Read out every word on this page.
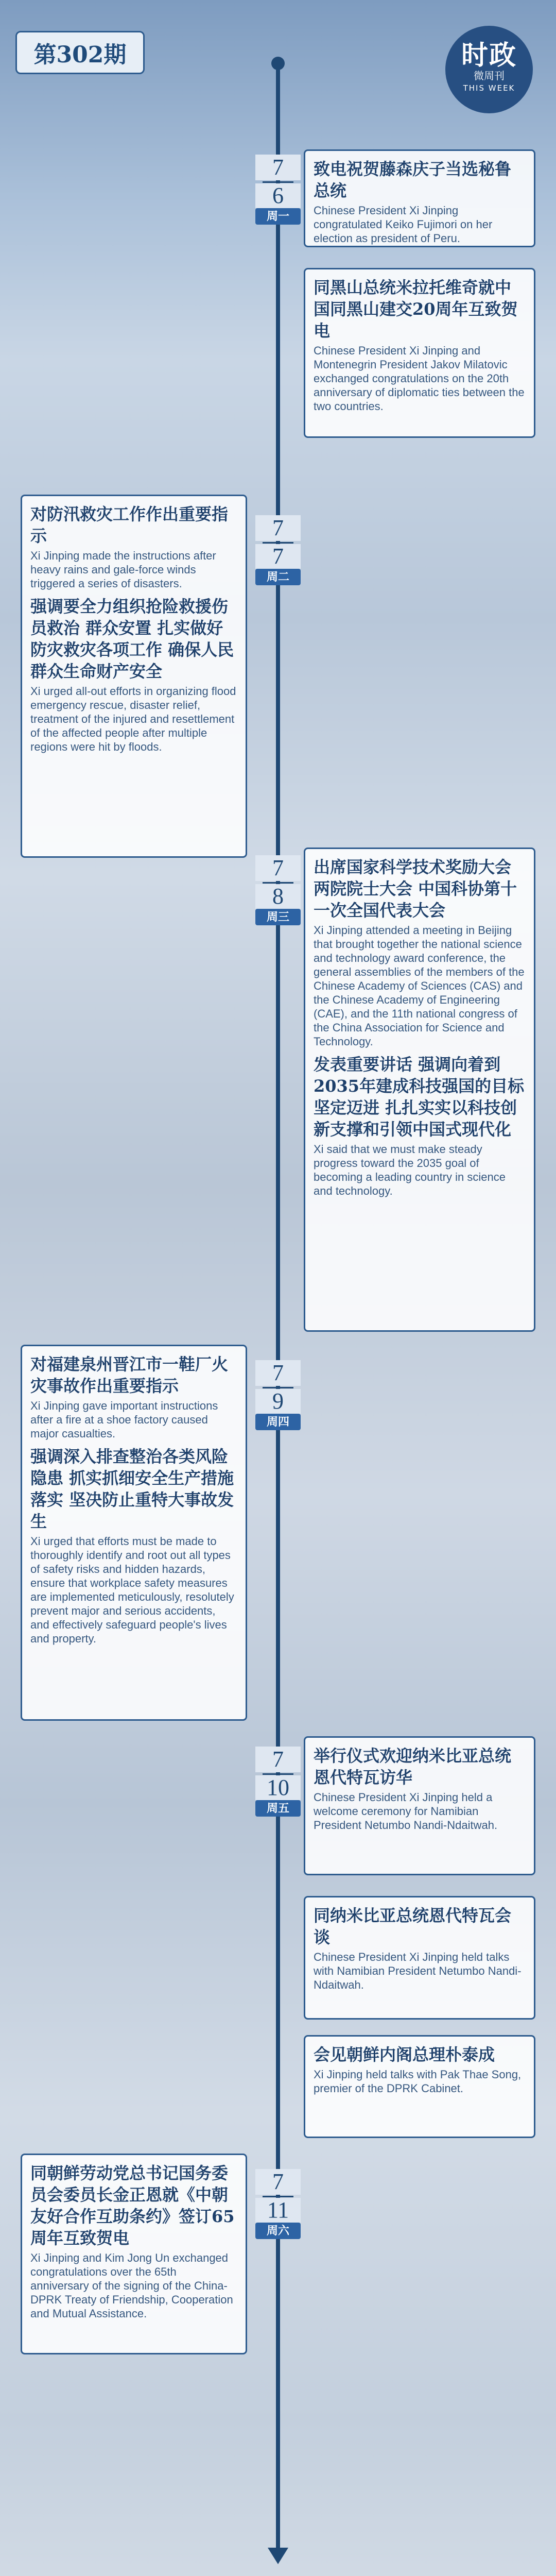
第302期	时政
微周刊
THIS WEEK
7
6
周一
7
7
周二
7
8
周三
7
9
周四
7
10
周五
7
11
周六

致电祝贺藤森庆子当选秘鲁总统

Chinese President Xi Jinping congratulated Keiko Fujimori on her election as president of Peru.

同黑山总统米拉托维奇就中国同黑山建交20周年互致贺电

Chinese President Xi Jinping and Montenegrin President Jakov Milatovic exchanged congratulations on the 20th anniversary of diplomatic ties between the two countries.

对防汛救灾工作作出重要指示

Xi Jinping made the instructions after heavy rains and gale-force winds triggered a series of disasters.

强调要全力组织抢险救援伤员救治 群众安置 扎实做好防灾救灾各项工作 确保人民群众生命财产安全

Xi urged all-out efforts in organizing flood emergency rescue, disaster relief, treatment of the injured and resettlement of the affected people after multiple regions were hit by floods.

出席国家科学技术奖励大会 两院院士大会 中国科协第十一次全国代表大会

Xi Jinping attended a meeting in Beijing that brought together the national science and technology award conference, the general assemblies of the members of the Chinese Academy of Sciences (CAS) and the Chinese Academy of Engineering (CAE), and the 11th national congress of the China Association for Science and Technology.

发表重要讲话 强调向着到2035年建成科技强国的目标坚定迈进 扎扎实实以科技创新支撑和引领中国式现代化

Xi said that we must make steady progress toward the 2035 goal of becoming a leading country in science and technology.

对福建泉州晋江市一鞋厂火灾事故作出重要指示

Xi Jinping gave important instructions after a fire at a shoe factory caused major casualties.

强调深入排查整治各类风险隐患 抓实抓细安全生产措施落实 坚决防止重特大事故发生

Xi urged that efforts must be made to thoroughly identify and root out all types of safety risks and hidden hazards, ensure that workplace safety measures are implemented meticulously, resolutely prevent major and serious accidents, and effectively safeguard people's lives and property.

举行仪式欢迎纳米比亚总统恩代特瓦访华

Chinese President Xi Jinping held a welcome ceremony for Namibian President Netumbo Nandi-Ndaitwah.

同纳米比亚总统恩代特瓦会谈

Chinese President Xi Jinping held talks with Namibian President Netumbo Nandi-Ndaitwah.

会见朝鲜内阁总理朴泰成

Xi Jinping held talks with Pak Thae Song, premier of the DPRK Cabinet.

同朝鲜劳动党总书记国务委员会委员长金正恩就《中朝友好合作互助条约》签订65周年互致贺电

Xi Jinping and Kim Jong Un exchanged congratulations over the 65th anniversary of the signing of the China-DPRK Treaty of Friendship, Cooperation and Mutual Assistance.
